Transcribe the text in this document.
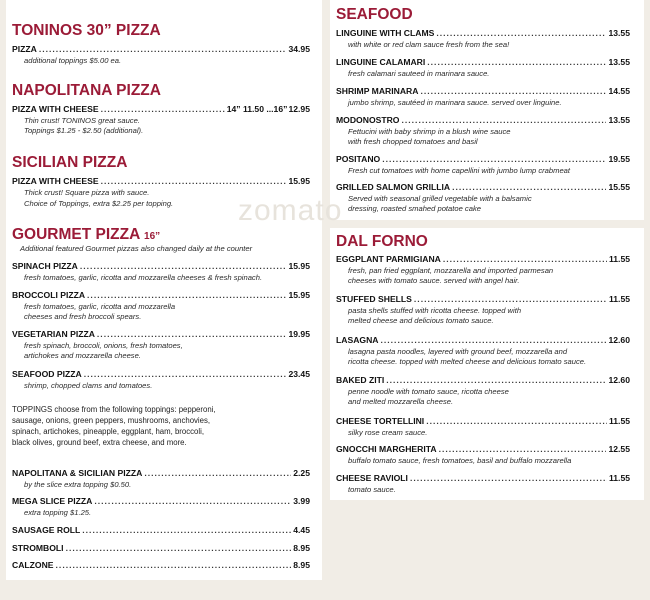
TONINOS 30” PIZZA
PIZZA .....	34.95
additional toppings $5.00 ea.
NAPOLITANA PIZZA
PIZZA WITH CHEESE .....	14” 11.50 ...16” 12.95
Thin crust! TONINOS great sauce.
Toppings $1.25 - $2.50 (additional).
SICILIAN PIZZA
PIZZA WITH CHEESE .....	15.95
Thick crust! Square pizza with sauce.
Choice of Toppings, extra $2.25 per topping.
GOURMET PIZZA 16”
Additional featured Gourmet pizzas also changed daily at the counter
SPINACH PIZZA .....	15.95
fresh tomatoes, garlic, ricotta and mozzarella cheeses & fresh spinach.
BROCCOLI PIZZA .....	15.95
fresh tomatoes, garlic, ricotta and mozzarella
cheeses and fresh broccoli spears.
VEGETARIAN PIZZA .....	19.95
fresh spinach, broccoli, onions, fresh tomatoes,
artichokes and mozzarella cheese.
SEAFOOD PIZZA .....	23.45
shrimp, chopped clams and tomatoes.
TOPPINGS choose from the following toppings: pepperoni,
sausage, onions, green peppers, mushrooms, anchovies,
spinach, artichokes, pineapple, eggplant, ham, broccoli,
black olives, ground beef, extra cheese, and more.
NAPOLITANA & SICILIAN PIZZA .....	2.25
by the slice extra topping $0.50.
MEGA SLICE PIZZA .....	3.99
extra topping $1.25.
SAUSAGE ROLL .....	4.45
STROMBOLI .....	8.95
CALZONE .....	8.95
SEAFOOD
LINGUINE WITH CLAMS .....	13.55
with white or red clam sauce fresh from the sea!
LINGUINE CALAMARI .....	13.55
fresh calamari sauteed in marinara sauce.
SHRIMP MARINARA .....	14.55
jumbo shrimp, sautéed in marinara sauce. served over linguine.
MODONOSTRO .....	13.55
Fettucini with baby shrimp in a blush wine sauce
with fresh chopped tomatoes and basil
POSITANO .....	19.55
Fresh cut tomatoes with home capellini with jumbo lump crabmeat
GRILLED SALMON GRILLIA .....	15.55
Served with seasonal grilled vegetable with a balsamic
dressing, roasted smahed potatoe cake
DAL FORNO
EGGPLANT PARMIGIANA .....	11.55
fresh, pan fried eggplant, mozzarella and imported parmesan
cheeses with tomato sauce. served with angel hair.
STUFFED SHELLS .....	11.55
pasta shells stuffed with ricotta cheese. topped with
melted cheese and delicious tomato sauce.
LASAGNA .....	12.60
lasagna pasta noodles, layered with ground beef, mozzarella and
ricotta cheese. topped with melted cheese and delicious tomato sauce.
BAKED ZITI .....	12.60
penne noodle with tomato sauce, ricotta cheese
and melted mozzarella cheese.
CHEESE TORTELLINI .....	11.55
silky rose cream sauce.
GNOCCHI MARGHERITA .....	12.55
buffalo tomato sauce, fresh tomatoes, basil and buffalo mozzarella
CHEESE RAVIOLI .....	11.55
tomato sauce.
zomato
